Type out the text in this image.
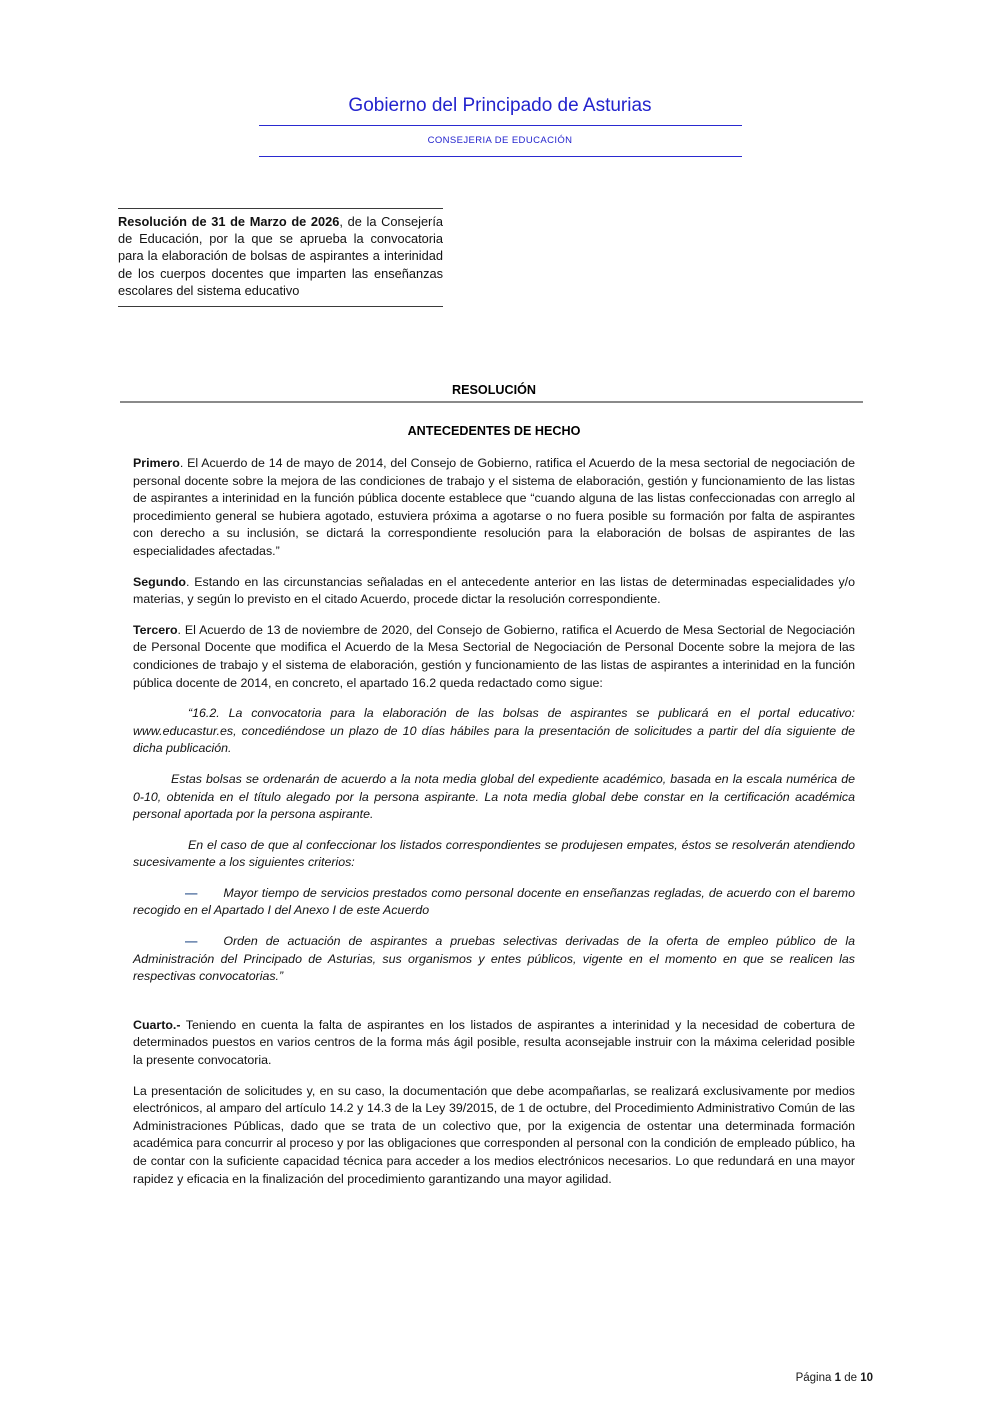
Gobierno del Principado de Asturias
CONSEJERIA DE EDUCACIÓN

Resolución de 31 de Marzo de 2026, de la Consejería de Educación, por la que se aprueba la convocatoria para la elaboración de bolsas de aspirantes a interinidad de los cuerpos docentes que imparten las enseñanzas escolares del sistema educativo

RESOLUCIÓN
ANTECEDENTES DE HECHO

Primero. El Acuerdo de 14 de mayo de 2014, del Consejo de Gobierno, ratifica el Acuerdo de la mesa sectorial de negociación de personal docente sobre la mejora de las condiciones de trabajo y el sistema de elaboración, gestión y funcionamiento de las listas de aspirantes a interinidad en la función pública docente establece que “cuando alguna de las listas confeccionadas con arreglo al procedimiento general se hubiera agotado, estuviera próxima a agotarse o no fuera posible su formación por falta de aspirantes con derecho a su inclusión, se dictará la correspondiente resolución para la elaboración de bolsas de aspirantes de las especialidades afectadas.”

Segundo. Estando en las circunstancias señaladas en el antecedente anterior en las listas de determinadas especialidades y/o materias, y según lo previsto en el citado Acuerdo, procede dictar la resolución correspondiente.

Tercero. El Acuerdo de 13 de noviembre de 2020, del Consejo de Gobierno, ratifica el Acuerdo de Mesa Sectorial de Negociación de Personal Docente que modifica el Acuerdo de la Mesa Sectorial de Negociación de Personal Docente sobre la mejora de las condiciones de trabajo y el sistema de elaboración, gestión y funcionamiento de las listas de aspirantes a interinidad en la función pública docente de 2014, en concreto, el apartado 16.2 queda redactado como sigue:

“16.2. La convocatoria para la elaboración de las bolsas de aspirantes se publicará en el portal educativo: www.educastur.es, concediéndose un plazo de 10 días hábiles para la presentación de solicitudes a partir del día siguiente de dicha publicación.

Estas bolsas se ordenarán de acuerdo a la nota media global del expediente académico, basada en la escala numérica de 0-10, obtenida en el título alegado por la persona aspirante. La nota media global debe constar en la certificación académica personal aportada por la persona aspirante.

En el caso de que al confeccionar los listados correspondientes se produjesen empates, éstos se resolverán atendiendo sucesivamente a los siguientes criterios:

— Mayor tiempo de servicios prestados como personal docente en enseñanzas regladas, de acuerdo con el baremo recogido en el Apartado I del Anexo I de este Acuerdo

— Orden de actuación de aspirantes a pruebas selectivas derivadas de la oferta de empleo público de la Administración del Principado de Asturias, sus organismos y entes públicos, vigente en el momento en que se realicen las respectivas convocatorias.”

Cuarto.- Teniendo en cuenta la falta de aspirantes en los listados de aspirantes a interinidad y la necesidad de cobertura de determinados puestos en varios centros de la forma más ágil posible, resulta aconsejable instruir con la máxima celeridad posible la presente convocatoria.

La presentación de solicitudes y, en su caso, la documentación que debe acompañarlas, se realizará exclusivamente por medios electrónicos, al amparo del artículo 14.2 y 14.3 de la Ley 39/2015, de 1 de octubre, del Procedimiento Administrativo Común de las Administraciones Públicas, dado que se trata de un colectivo que, por la exigencia de ostentar una determinada formación académica para concurrir al proceso y por las obligaciones que corresponden al personal con la condición de empleado público, ha de contar con la suficiente capacidad técnica para acceder a los medios electrónicos necesarios. Lo que redundará en una mayor rapidez y eficacia en la finalización del procedimiento garantizando una mayor agilidad.

Página 1 de 10
